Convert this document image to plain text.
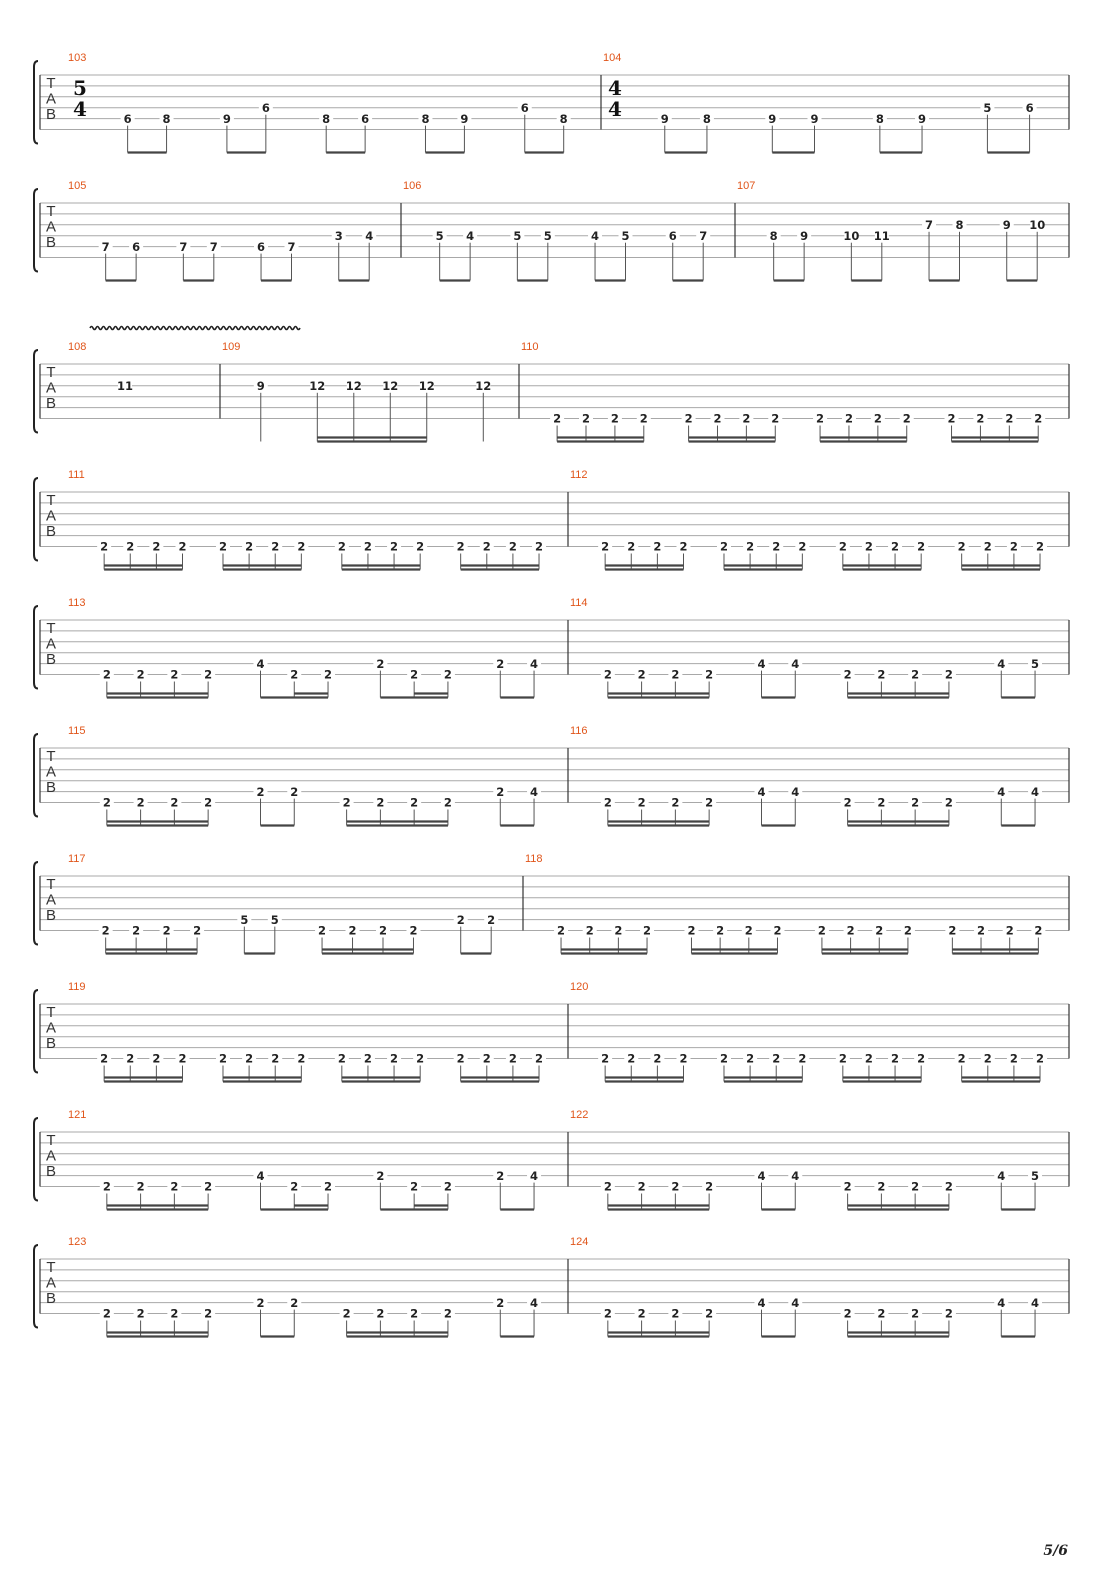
T
A
B
103
5
4	6	8	9
6
8	6	8	9
6
8
104
4
4	9	8	9	9	8	9
5	6
T
A
B
105
7 6	7 7	6 7
3 4
106
5 4	5 5	4 5	6 7
107
8 9	10 11
7 8	9 10
T
A
B
108
11
109
9	12 12 12 12	12
110
2 2 2 2	2 2 2 2	2 2 2 2	2 2 2 2
T
A
B
111
2 2 2 2	2 2 2 2	2 2 2 2	2 2 2 2
112
2 2 2 2	2 2 2 2	2 2 2 2	2 2 2 2
T
A
B
113
2 2 2 2
4
2 2
2
2 2
2 4
114
2 2 2 2
4 4
2 2 2 2
4 5
T
A
B
115
2 2 2 2
2 2
2 2 2 2
2 4
116
2 2 2 2
4 4
2 2 2 2
4 4
T
A
B
117
2 2 2 2
5 5
2 2 2 2
2 2
118
2 2 2 2	2 2 2 2	2 2 2 2	2 2 2 2
T
A
B
119
2 2 2 2	2 2 2 2	2 2 2 2	2 2 2 2
120
2 2 2 2	2 2 2 2	2 2 2 2	2 2 2 2
T
A
B
121
2 2 2 2
4
2 2
2
2 2
2 4
122
2 2 2 2
4 4
2 2 2 2
4 5
T
A
B
123
2 2 2 2
2 2
2 2 2 2
2 4
124
2 2 2 2
4 4
2 2 2 2
4 4
5/6
